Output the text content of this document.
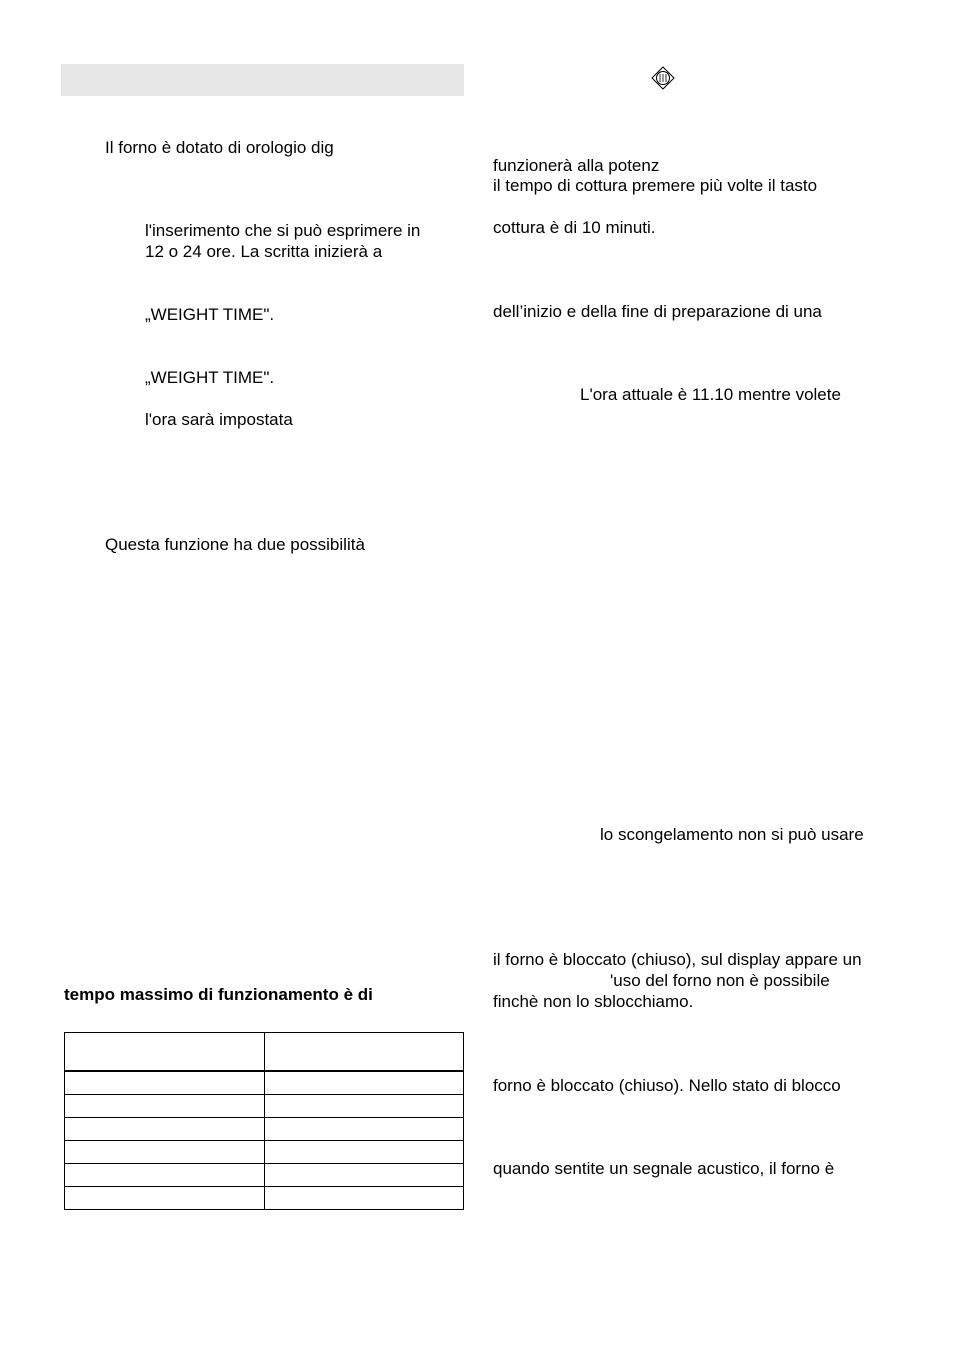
Il forno è dotato di orologio dig
l'inserimento che si può esprimere in
12 o 24 ore. La scritta inizierà a
„WEIGHT TIME".
„WEIGHT TIME".
l'ora sarà impostata
Questa funzione ha due possibilità
tempo massimo di funzionamento è di
funzionerà alla potenz
il tempo di cottura premere più volte il tasto
cottura è di 10 minuti.
dell’inizio e della fine di preparazione di una
L'ora attuale è 11.10 mentre volete
lo scongelamento non si può usare
il forno è bloccato (chiuso), sul display appare un
'uso del forno non è possibile
finchè non lo sblocchiamo.
forno è bloccato (chiuso). Nello stato di blocco
quando sentite un segnale acustico, il forno è
